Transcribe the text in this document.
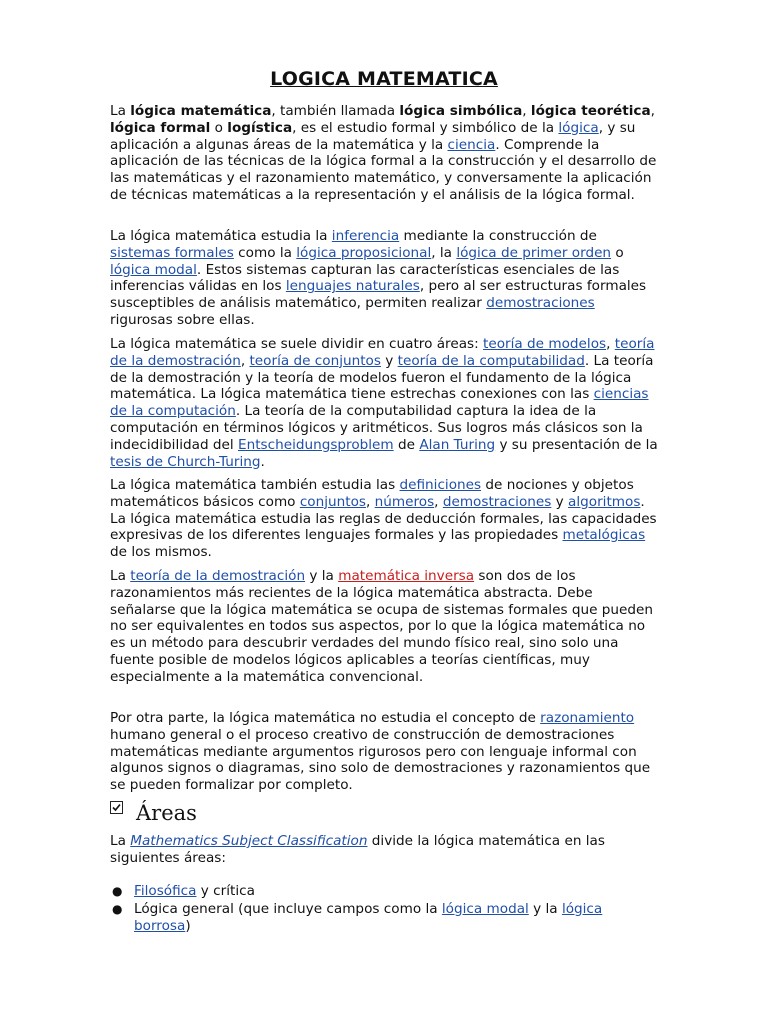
LOGICA MATEMATICA

La lógica matemática, también llamada lógica simbólica, lógica teorética, lógica formal o logística, es el estudio formal y simbólico de la lógica, y su aplicación a algunas áreas de la matemática y la ciencia. Comprende la aplicación de las técnicas de la lógica formal a la construcción y el desarrollo de las matemáticas y el razonamiento matemático, y conversamente la aplicación de técnicas matemáticas a la representación y el análisis de la lógica formal.

La lógica matemática estudia la inferencia mediante la construcción de sistemas formales como la lógica proposicional, la lógica de primer orden o lógica modal. Estos sistemas capturan las características esenciales de las inferencias válidas en los lenguajes naturales, pero al ser estructuras formales susceptibles de análisis matemático, permiten realizar demostraciones rigurosas sobre ellas.

La lógica matemática se suele dividir en cuatro áreas: teoría de modelos, teoría de la demostración, teoría de conjuntos y teoría de la computabilidad. La teoría de la demostración y la teoría de modelos fueron el fundamento de la lógica matemática. La lógica matemática tiene estrechas conexiones con las ciencias de la computación. La teoría de la computabilidad captura la idea de la computación en términos lógicos y aritméticos. Sus logros más clásicos son la indecidibilidad del Entscheidungsproblem de Alan Turing y su presentación de la tesis de Church-Turing.

La lógica matemática también estudia las definiciones de nociones y objetos matemáticos básicos como conjuntos, números, demostraciones y algoritmos. La lógica matemática estudia las reglas de deducción formales, las capacidades expresivas de los diferentes lenguajes formales y las propiedades metalógicas de los mismos.

La teoría de la demostración y la matemática inversa son dos de los razonamientos más recientes de la lógica matemática abstracta. Debe señalarse que la lógica matemática se ocupa de sistemas formales que pueden no ser equivalentes en todos sus aspectos, por lo que la lógica matemática no es un método para descubrir verdades del mundo físico real, sino solo una fuente posible de modelos lógicos aplicables a teorías científicas, muy especialmente a la matemática convencional.

Por otra parte, la lógica matemática no estudia el concepto de razonamiento humano general o el proceso creativo de construcción de demostraciones matemáticas mediante argumentos rigurosos pero con lenguaje informal con algunos signos o diagramas, sino solo de demostraciones y razonamientos que se pueden formalizar por completo.

Áreas

La Mathematics Subject Classification divide la lógica matemática en las siguientes áreas:

● Filosófica y crítica
● Lógica general (que incluye campos como la lógica modal y la lógica borrosa)
